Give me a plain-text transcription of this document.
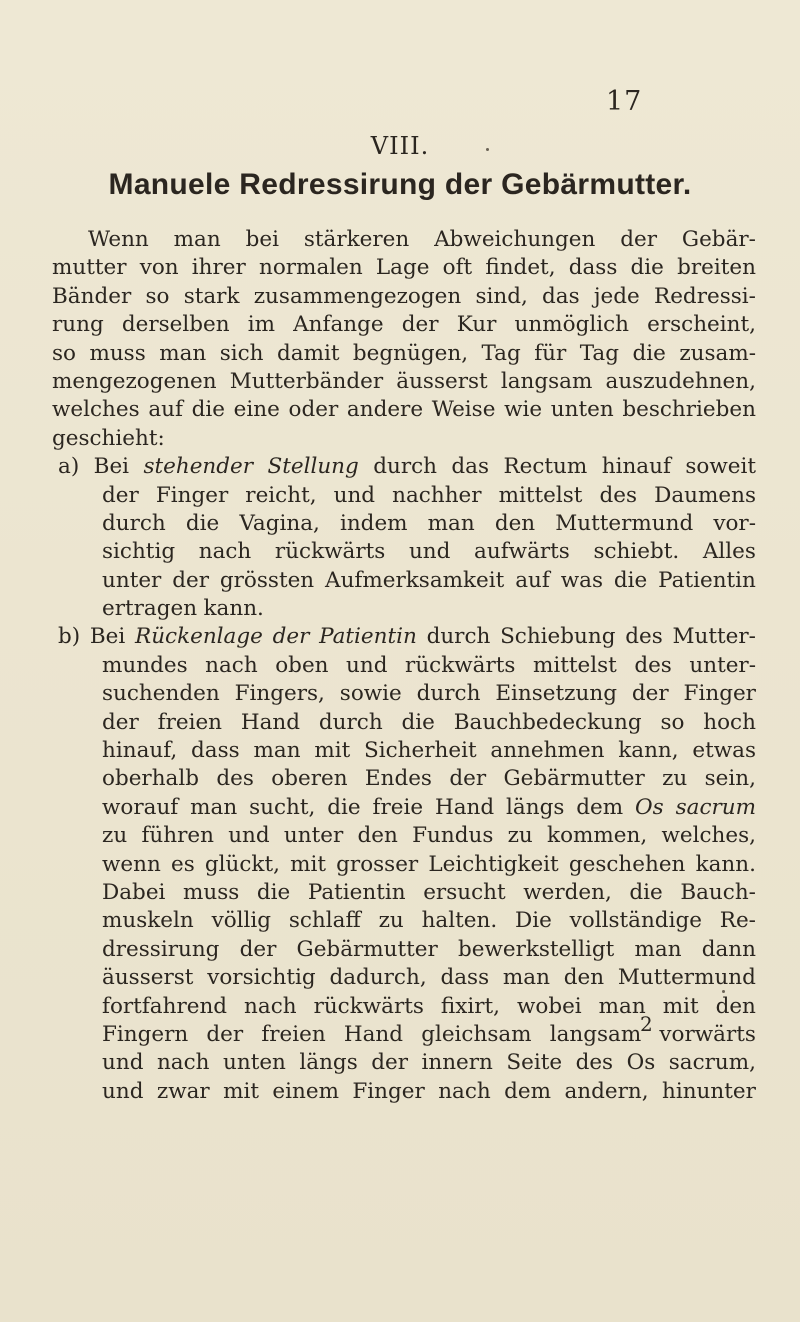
17
VIII.
Manuele Redressirung der Gebärmutter.
Wenn man bei stärkeren Abweichungen der Gebär-
mutter von ihrer normalen Lage oft findet, dass die breiten
Bänder so stark zusammengezogen sind, das jede Redressi-
rung derselben im Anfange der Kur unmöglich erscheint,
so muss man sich damit begnügen, Tag für Tag die zusam-
mengezogenen Mutterbänder äusserst langsam auszudehnen,
welches auf die eine oder andere Weise wie unten beschrieben
geschieht:
a) Bei stehender Stellung durch das Rectum hinauf soweit
der Finger reicht, und nachher mittelst des Daumens
durch die Vagina, indem man den Muttermund vor-
sichtig nach rückwärts und aufwärts schiebt. Alles
unter der grössten Aufmerksamkeit auf was die Patientin
ertragen kann.
b) Bei Rückenlage der Patientin durch Schiebung des Mutter-
mundes nach oben und rückwärts mittelst des unter-
suchenden Fingers, sowie durch Einsetzung der Finger
der freien Hand durch die Bauchbedeckung so hoch
hinauf, dass man mit Sicherheit annehmen kann, etwas
oberhalb des oberen Endes der Gebärmutter zu sein,
worauf man sucht, die freie Hand längs dem Os sacrum
zu führen und unter den Fundus zu kommen, welches,
wenn es glückt, mit grosser Leichtigkeit geschehen kann.
Dabei muss die Patientin ersucht werden, die Bauch-
muskeln völlig schlaff zu halten. Die vollständige Re-
dressirung der Gebärmutter bewerkstelligt man dann
äusserst vorsichtig dadurch, dass man den Muttermund
fortfahrend nach rückwärts fixirt, wobei man mit den
Fingern der freien Hand gleichsam langsam vorwärts
und nach unten längs der innern Seite des Os sacrum,
und zwar mit einem Finger nach dem andern, hinunter
2
